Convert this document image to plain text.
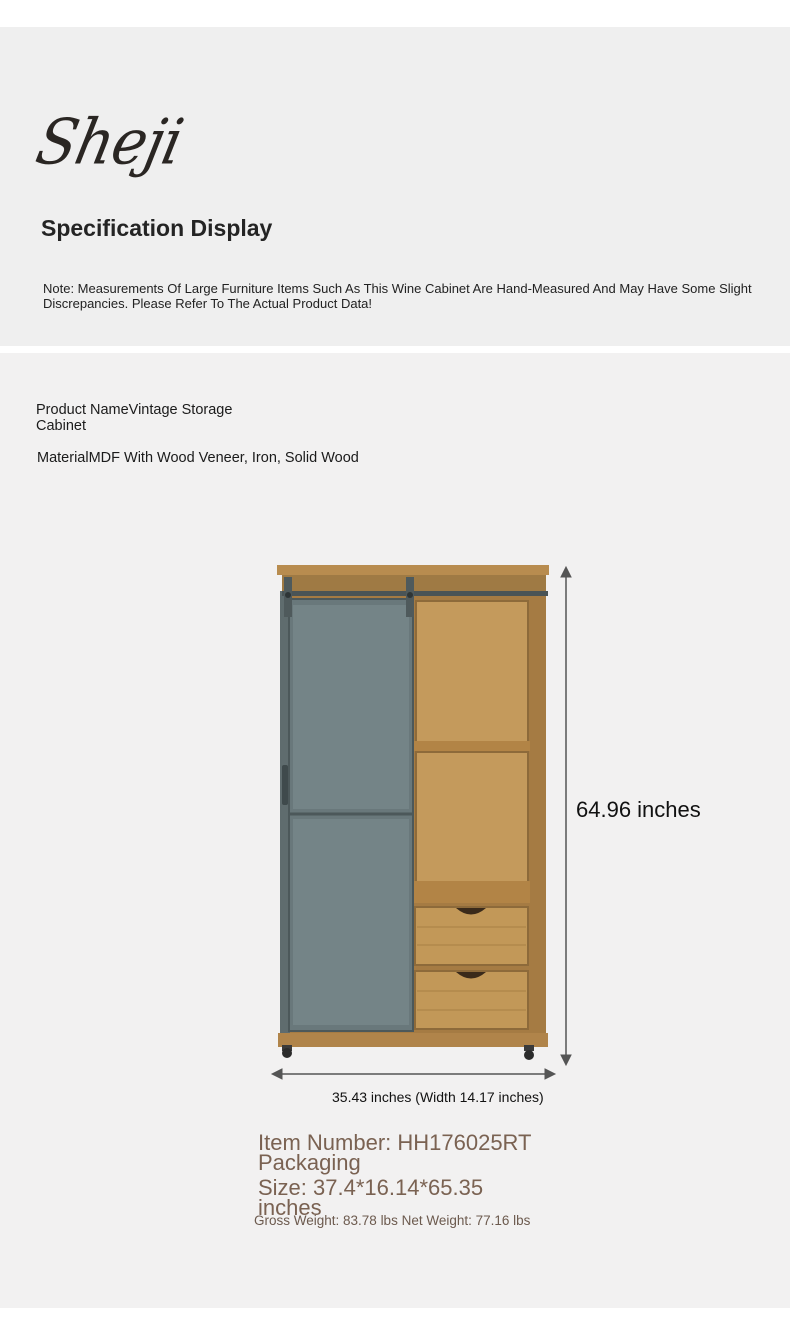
Sheji
Specification Display
Note: Measurements Of Large Furniture Items Such As This Wine Cabinet Are Hand-Measured And May Have Some Slight Discrepancies. Please Refer To The Actual Product Data!
Product NameVintage Storage Cabinet
MaterialMDF With Wood Veneer, Iron, Solid Wood
64.96 inches
35.43 inches (Width 14.17 inches)
Item Number: HH176025RT Packaging
Size: 37.4*16.14*65.35 inches
Gross Weight: 83.78 lbs Net Weight: 77.16 lbs
